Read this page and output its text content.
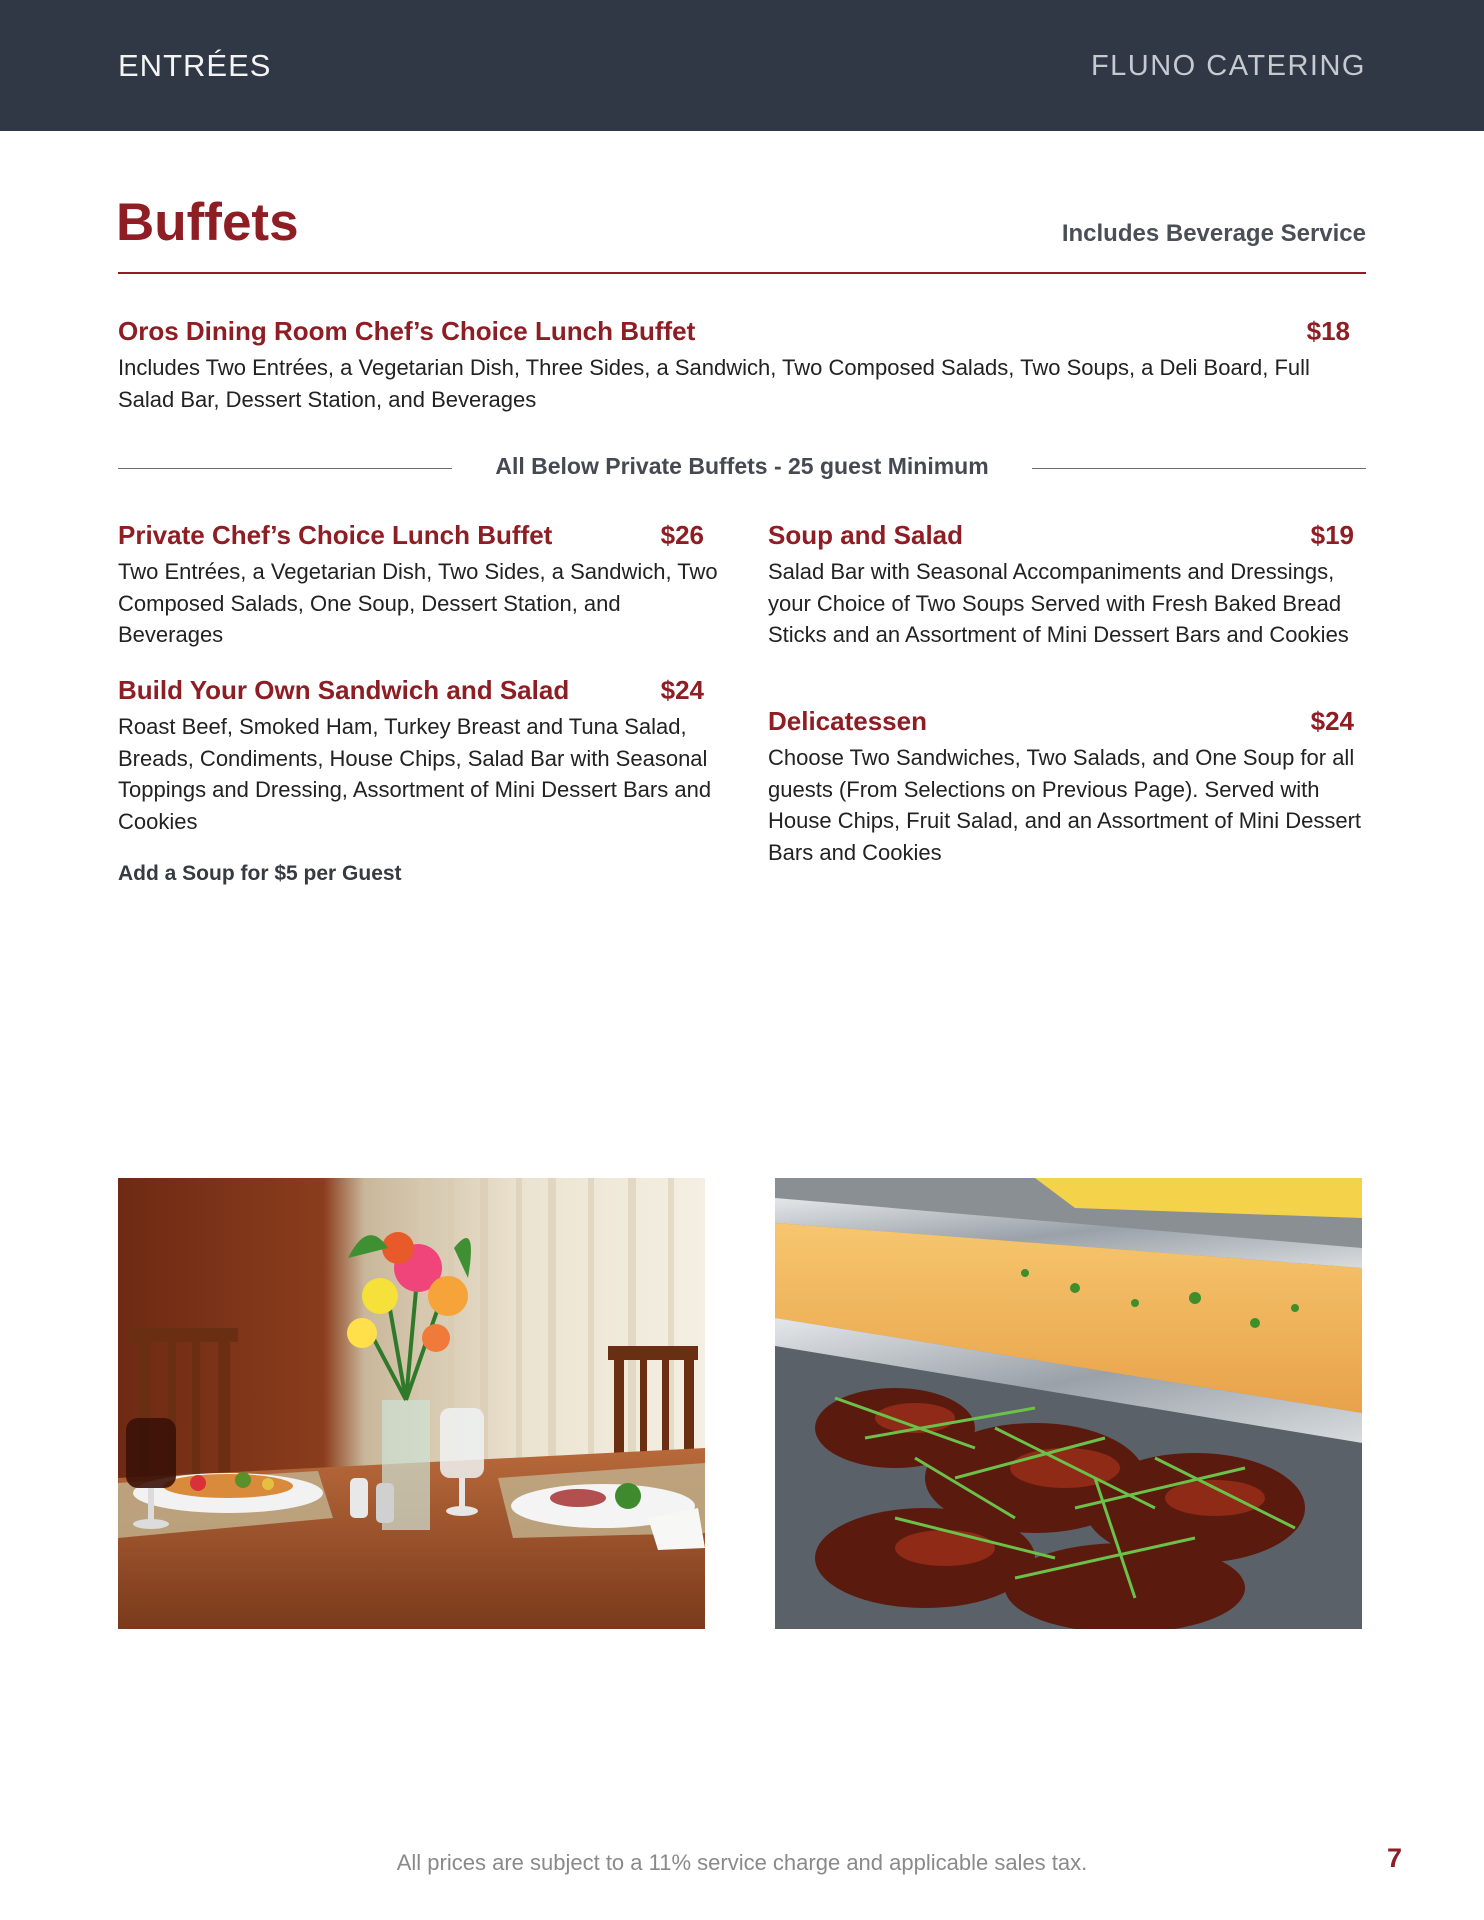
ENTRÉES	FLUNO CATERING
Buffets	Includes Beverage Service
Oros Dining Room Chef’s Choice Lunch Buffet	$18
Includes Two Entrées, a Vegetarian Dish, Three Sides, a Sandwich, Two Composed Salads, Two Soups, a Deli Board, Full Salad Bar, Dessert Station, and Beverages
All Below Private Buffets - 25 guest Minimum
Private Chef’s Choice Lunch Buffet	$26
Two Entrées, a Vegetarian Dish, Two Sides, a Sandwich, Two Composed Salads, One Soup, Dessert Station, and Beverages
Build Your Own Sandwich and Salad	$24
Roast Beef, Smoked Ham, Turkey Breast and Tuna Salad, Breads, Condiments, House Chips, Salad Bar with Seasonal Toppings and Dressing, Assortment of Mini Dessert Bars and Cookies
Add a Soup for $5 per Guest
Soup and Salad	$19
Salad Bar with Seasonal Accompaniments and Dressings, your Choice of Two Soups Served with Fresh Baked Bread Sticks and an Assortment of Mini Dessert Bars and Cookies
Delicatessen	$24
Choose Two Sandwiches, Two Salads, and One Soup for all guests (From Selections on Previous Page). Served with House Chips, Fruit Salad, and an Assortment of Mini Dessert Bars and Cookies
All prices are subject to a 11% service charge and applicable sales tax.	7
